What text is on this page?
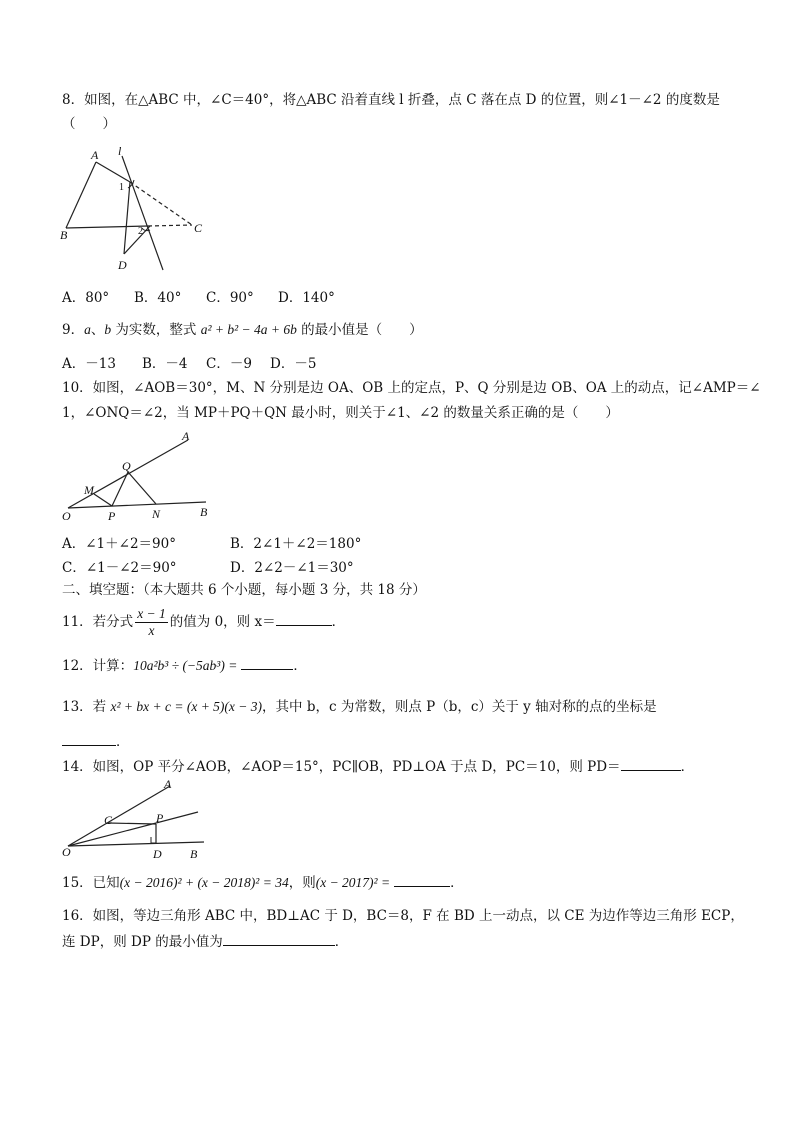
8．如图，在△ABC 中，∠C＝40°，将△ABC 沿着直线 l 折叠，点 C 落在点 D 的位置，则∠1－∠2 的度数是
（　　）
A l
1
B	2	C
D
A．80° B．40° C．90° D．140°
9．a、b 为实数，整式 a² + b² − 4a + 6b 的最小值是（　　）
A．－13 B．－4 C．－9 D．－5
10．如图，∠AOB＝30°，M、N 分别是边 OA、OB 上的定点，P、Q 分别是边 OB、OA 上的动点，记∠AMP＝∠
1，∠ONQ＝∠2，当 MP＋PQ＋QN 最小时，则关于∠1、∠2 的数量关系正确的是（　　）
A
Q
M
O	P	N	B
A．∠1＋∠2＝90°	B．2∠1＋∠2＝180°
C．∠1－∠2＝90°	D．2∠2－∠1＝30°
二、填空题：（本大题共 6 个小题，每小题 3 分，共 18 分）
11．若分式 $\frac{x - 1}{x}$ 的值为 0，则 x＝	．
12．计算：10a²b³ ÷ (−5ab³) =	．
13．若 x² + bx + c = (x + 5)(x − 3)，其中 b，c 为常数，则点 P（b，c）关于 y 轴对称的点的坐标是
．
14．如图，OP 平分∠AOB，∠AOP＝15°，PC∥OB，PD⊥OA 于点 D，PC＝10，则 PD＝	．
A
C	P
O	D B
15．已知(x − 2016)² + (x − 2018)² = 34，则(x − 2017)² =	．
16．如图，等边三角形 ABC 中，BD⊥AC 于 D，BC＝8，F 在 BD 上一动点，以 CE 为边作等边三角形 ECP，
连 DP，则 DP 的最小值为	．
